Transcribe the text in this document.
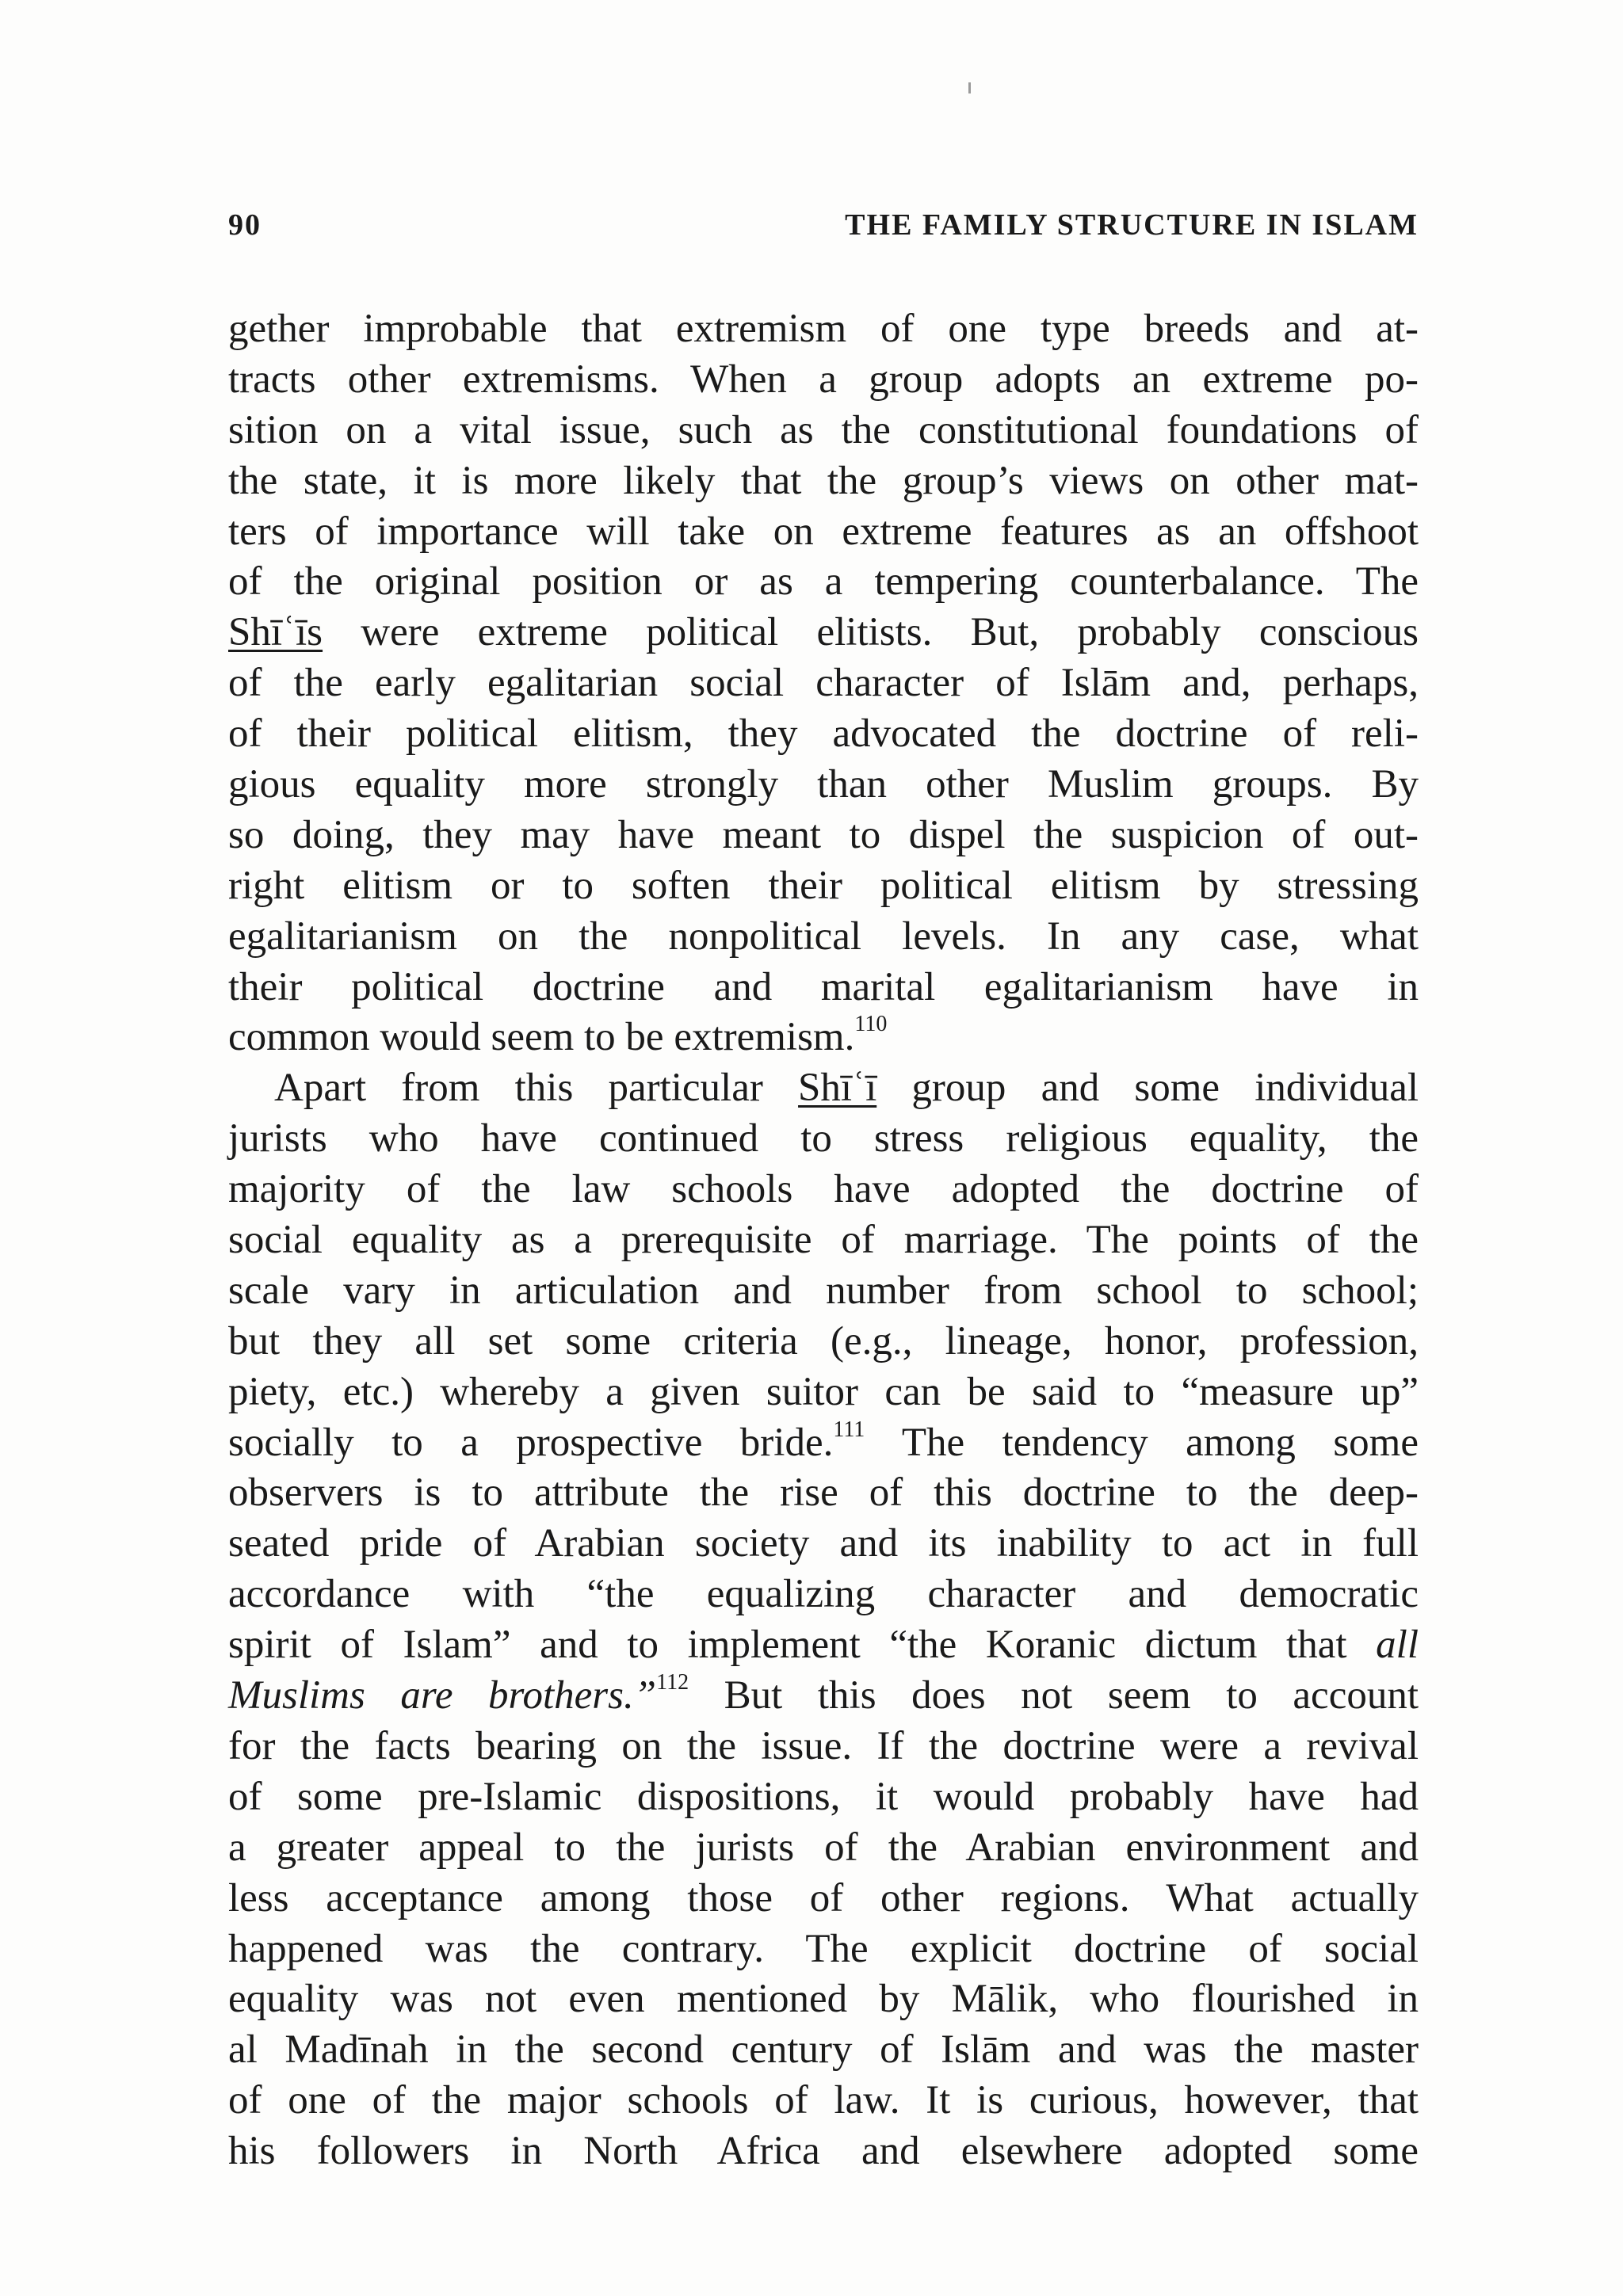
90	THE FAMILY STRUCTURE IN ISLAM
gether improbable that extremism of one type breeds and at-
tracts other extremisms. When a group adopts an extreme po-
sition on a vital issue, such as the constitutional foundations of
the state, it is more likely that the group’s views on other mat-
ters of importance will take on extreme features as an offshoot
of the original position or as a tempering counterbalance. The
Shīʿīs were extreme political elitists. But, probably conscious
of the early egalitarian social character of Islām and, perhaps,
of their political elitism, they advocated the doctrine of reli-
gious equality more strongly than other Muslim groups. By
so doing, they may have meant to dispel the suspicion of out-
right elitism or to soften their political elitism by stressing
egalitarianism on the nonpolitical levels. In any case, what
their political doctrine and marital egalitarianism have in
common would seem to be extremism.$^{110}$
Apart from this particular Shīʿī group and some individual
jurists who have continued to stress religious equality, the
majority of the law schools have adopted the doctrine of
social equality as a prerequisite of marriage. The points of the
scale vary in articulation and number from school to school;
but they all set some criteria (e.g., lineage, honor, profession,
piety, etc.) whereby a given suitor can be said to “measure up”
socially to a prospective bride.$^{111}$ The tendency among some
observers is to attribute the rise of this doctrine to the deep-
seated pride of Arabian society and its inability to act in full
accordance with “the equalizing character and democratic
spirit of Islam” and to implement “the Koranic dictum that all
Muslims are brothers.”$^{112}$ But this does not seem to account
for the facts bearing on the issue. If the doctrine were a revival
of some pre-Islamic dispositions, it would probably have had
a greater appeal to the jurists of the Arabian environment and
less acceptance among those of other regions. What actually
happened was the contrary. The explicit doctrine of social
equality was not even mentioned by Mālik, who flourished in
al Madīnah in the second century of Islām and was the master
of one of the major schools of law. It is curious, however, that
his followers in North Africa and elsewhere adopted some
